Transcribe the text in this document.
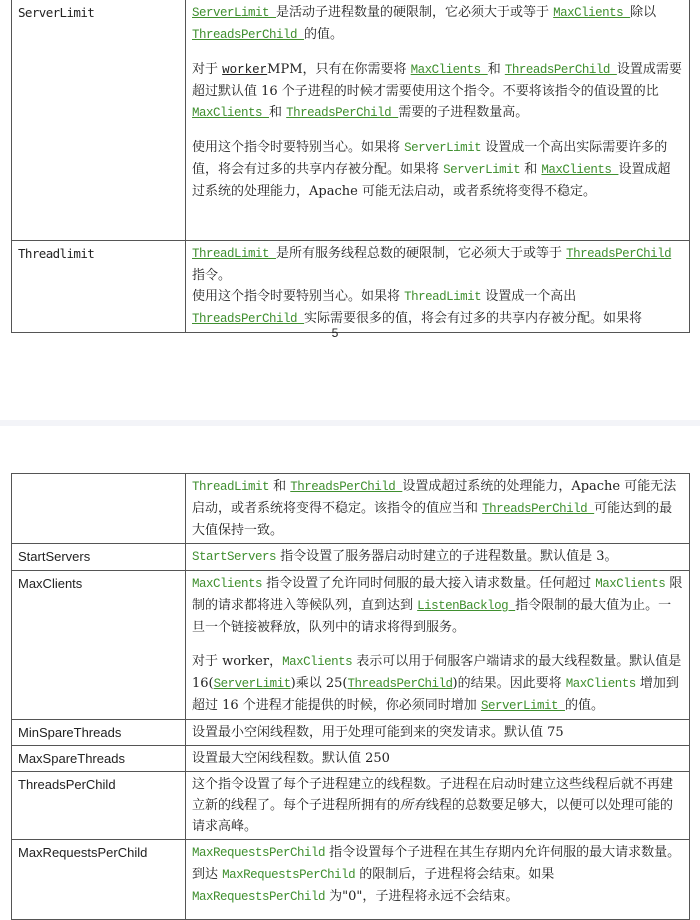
ServerLimit	ServerLimit 是活动子进程数量的硬限制，它必须大于或等于 MaxClients 除以 ThreadsPerChild 的值。

对于 workerMPM，只有在你需要将 MaxClients 和 ThreadsPerChild 设置成需要超过默认值 16 个子进程的时候才需要使用这个指令。不要将该指令的值设置的比 MaxClients 和 ThreadsPerChild 需要的子进程数量高。

使用这个指令时要特别当心。如果将 ServerLimit 设置成一个高出实际需要许多的值，将会有过多的共享内存被分配。如果将 ServerLimit 和 MaxClients 设置成超过系统的处理能力，Apache 可能无法启动，或者系统将变得不稳定。

Threadlimit	ThreadLimit 是所有服务线程总数的硬限制，它必须大于或等于 ThreadsPerChild 指令。

使用这个指令时要特别当心。如果将 ThreadLimit 设置成一个高出 ThreadsPerChild 实际需要很多的值，将会有过多的共享内存被分配。如果将

5

	ThreadLimit 和 ThreadsPerChild 设置成超过系统的处理能力，Apache 可能无法启动，或者系统将变得不稳定。该指令的值应当和 ThreadsPerChild 可能达到的最大值保持一致。

StartServers	StartServers 指令设置了服务器启动时建立的子进程数量。默认值是 3。

MaxClients	MaxClients 指令设置了允许同时伺服的最大接入请求数量。任何超过 MaxClients 限制的请求都将进入等候队列，直到达到 ListenBacklog 指令限制的最大值为止。一旦一个链接被释放，队列中的请求将得到服务。

对于 worker，MaxClients 表示可以用于伺服客户端请求的最大线程数量。默认值是 16(ServerLimit)乘以 25(ThreadsPerChild)的结果。因此要将 MaxClients 增加到超过 16 个进程才能提供的时候，你必须同时增加 ServerLimit 的值。

MinSpareThreads	设置最小空闲线程数，用于处理可能到来的突发请求。默认值 75

MaxSpareThreads	设置最大空闲线程数。默认值 250

ThreadsPerChild	这个指令设置了每个子进程建立的线程数。子进程在启动时建立这些线程后就不再建立新的线程了。每个子进程所拥有的所有线程的总数要足够大，以便可以处理可能的请求高峰。

MaxRequestsPerChild	MaxRequestsPerChild 指令设置每个子进程在其生存期内允许伺服的最大请求数量。到达 MaxRequestsPerChild 的限制后，子进程将会结束。如果 MaxRequestsPerChild 为"0"，子进程将永远不会结束。
